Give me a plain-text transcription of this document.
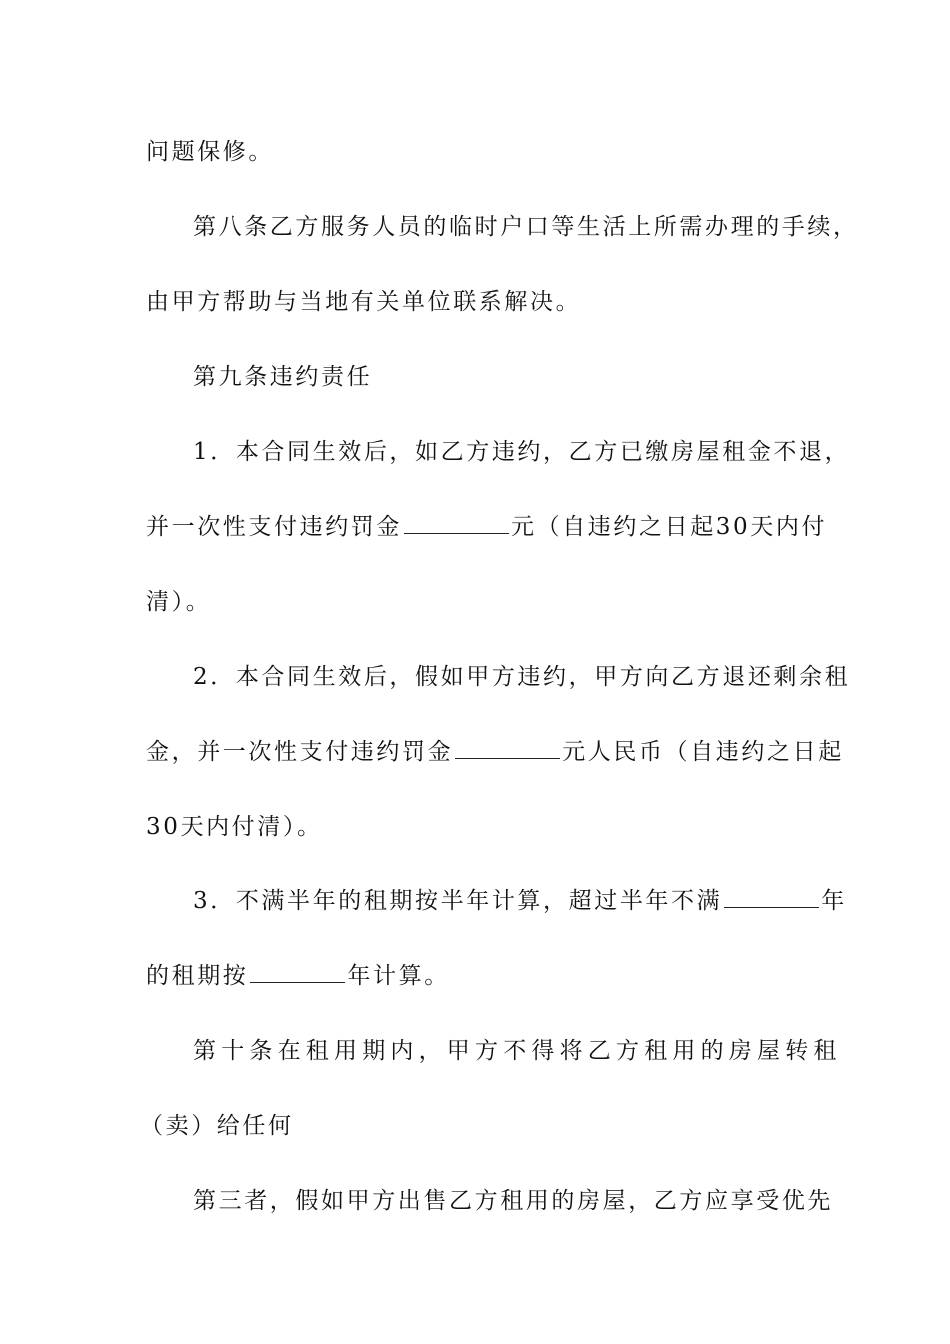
问题保修。
第八条乙方服务人员的临时户口等生活上所需办理的手续，
由甲方帮助与当地有关单位联系解决。
第九条违约责任
1．本合同生效后，如乙方违约，乙方已缴房屋租金不退，
并一次性支付违约罚金	元（自违约之日起30天内付
清）。
2．本合同生效后，假如甲方违约，甲方向乙方退还剩余租
金，并一次性支付违约罚金	元人民币（自违约之日起
30天内付清）。
3．不满半年的租期按半年计算，超过半年不满	年
的租期按	年计算。
第十条在租用期内，甲方不得将乙方租用的房屋转租
（卖）给任何
第三者，假如甲方出售乙方租用的房屋，乙方应享受优先
